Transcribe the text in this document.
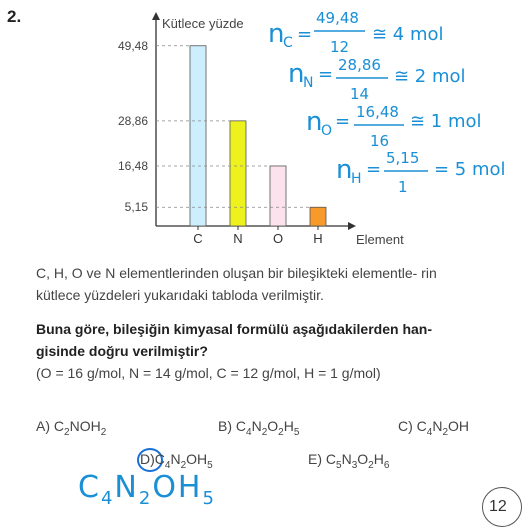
2.
49,48
28,86
16,48
5,15
C N O H
Kütlece yüzde
Element
n
C =
49,48
12
≅ 4 mol
n
N = 28,86
14
≅ 2 mol
n
O = 16,48
16
≅ 1 mol
n
H =
5,15
1
= 5 mol
C, H, O ve N elementlerinden oluşan bir bileşikteki elementle- rin kütlece yüzdeleri yukarıdaki tabloda verilmiştir.
Buna göre, bileşiğin kimyasal formülü aşağıdakilerden han- gisinde doğru verilmiştir?
(O = 16 g/mol, N = 14 g/mol, C = 12 g/mol, H = 1 g/mol)
A) $C_2NOH_2$	B) $C_4N_2O_2H_5$	C) $C_4N_2OH$
$D)C_4N_2OH_5$	E) $C_5N_3O_2H_6$
$C_4N_2OH_5$	12
